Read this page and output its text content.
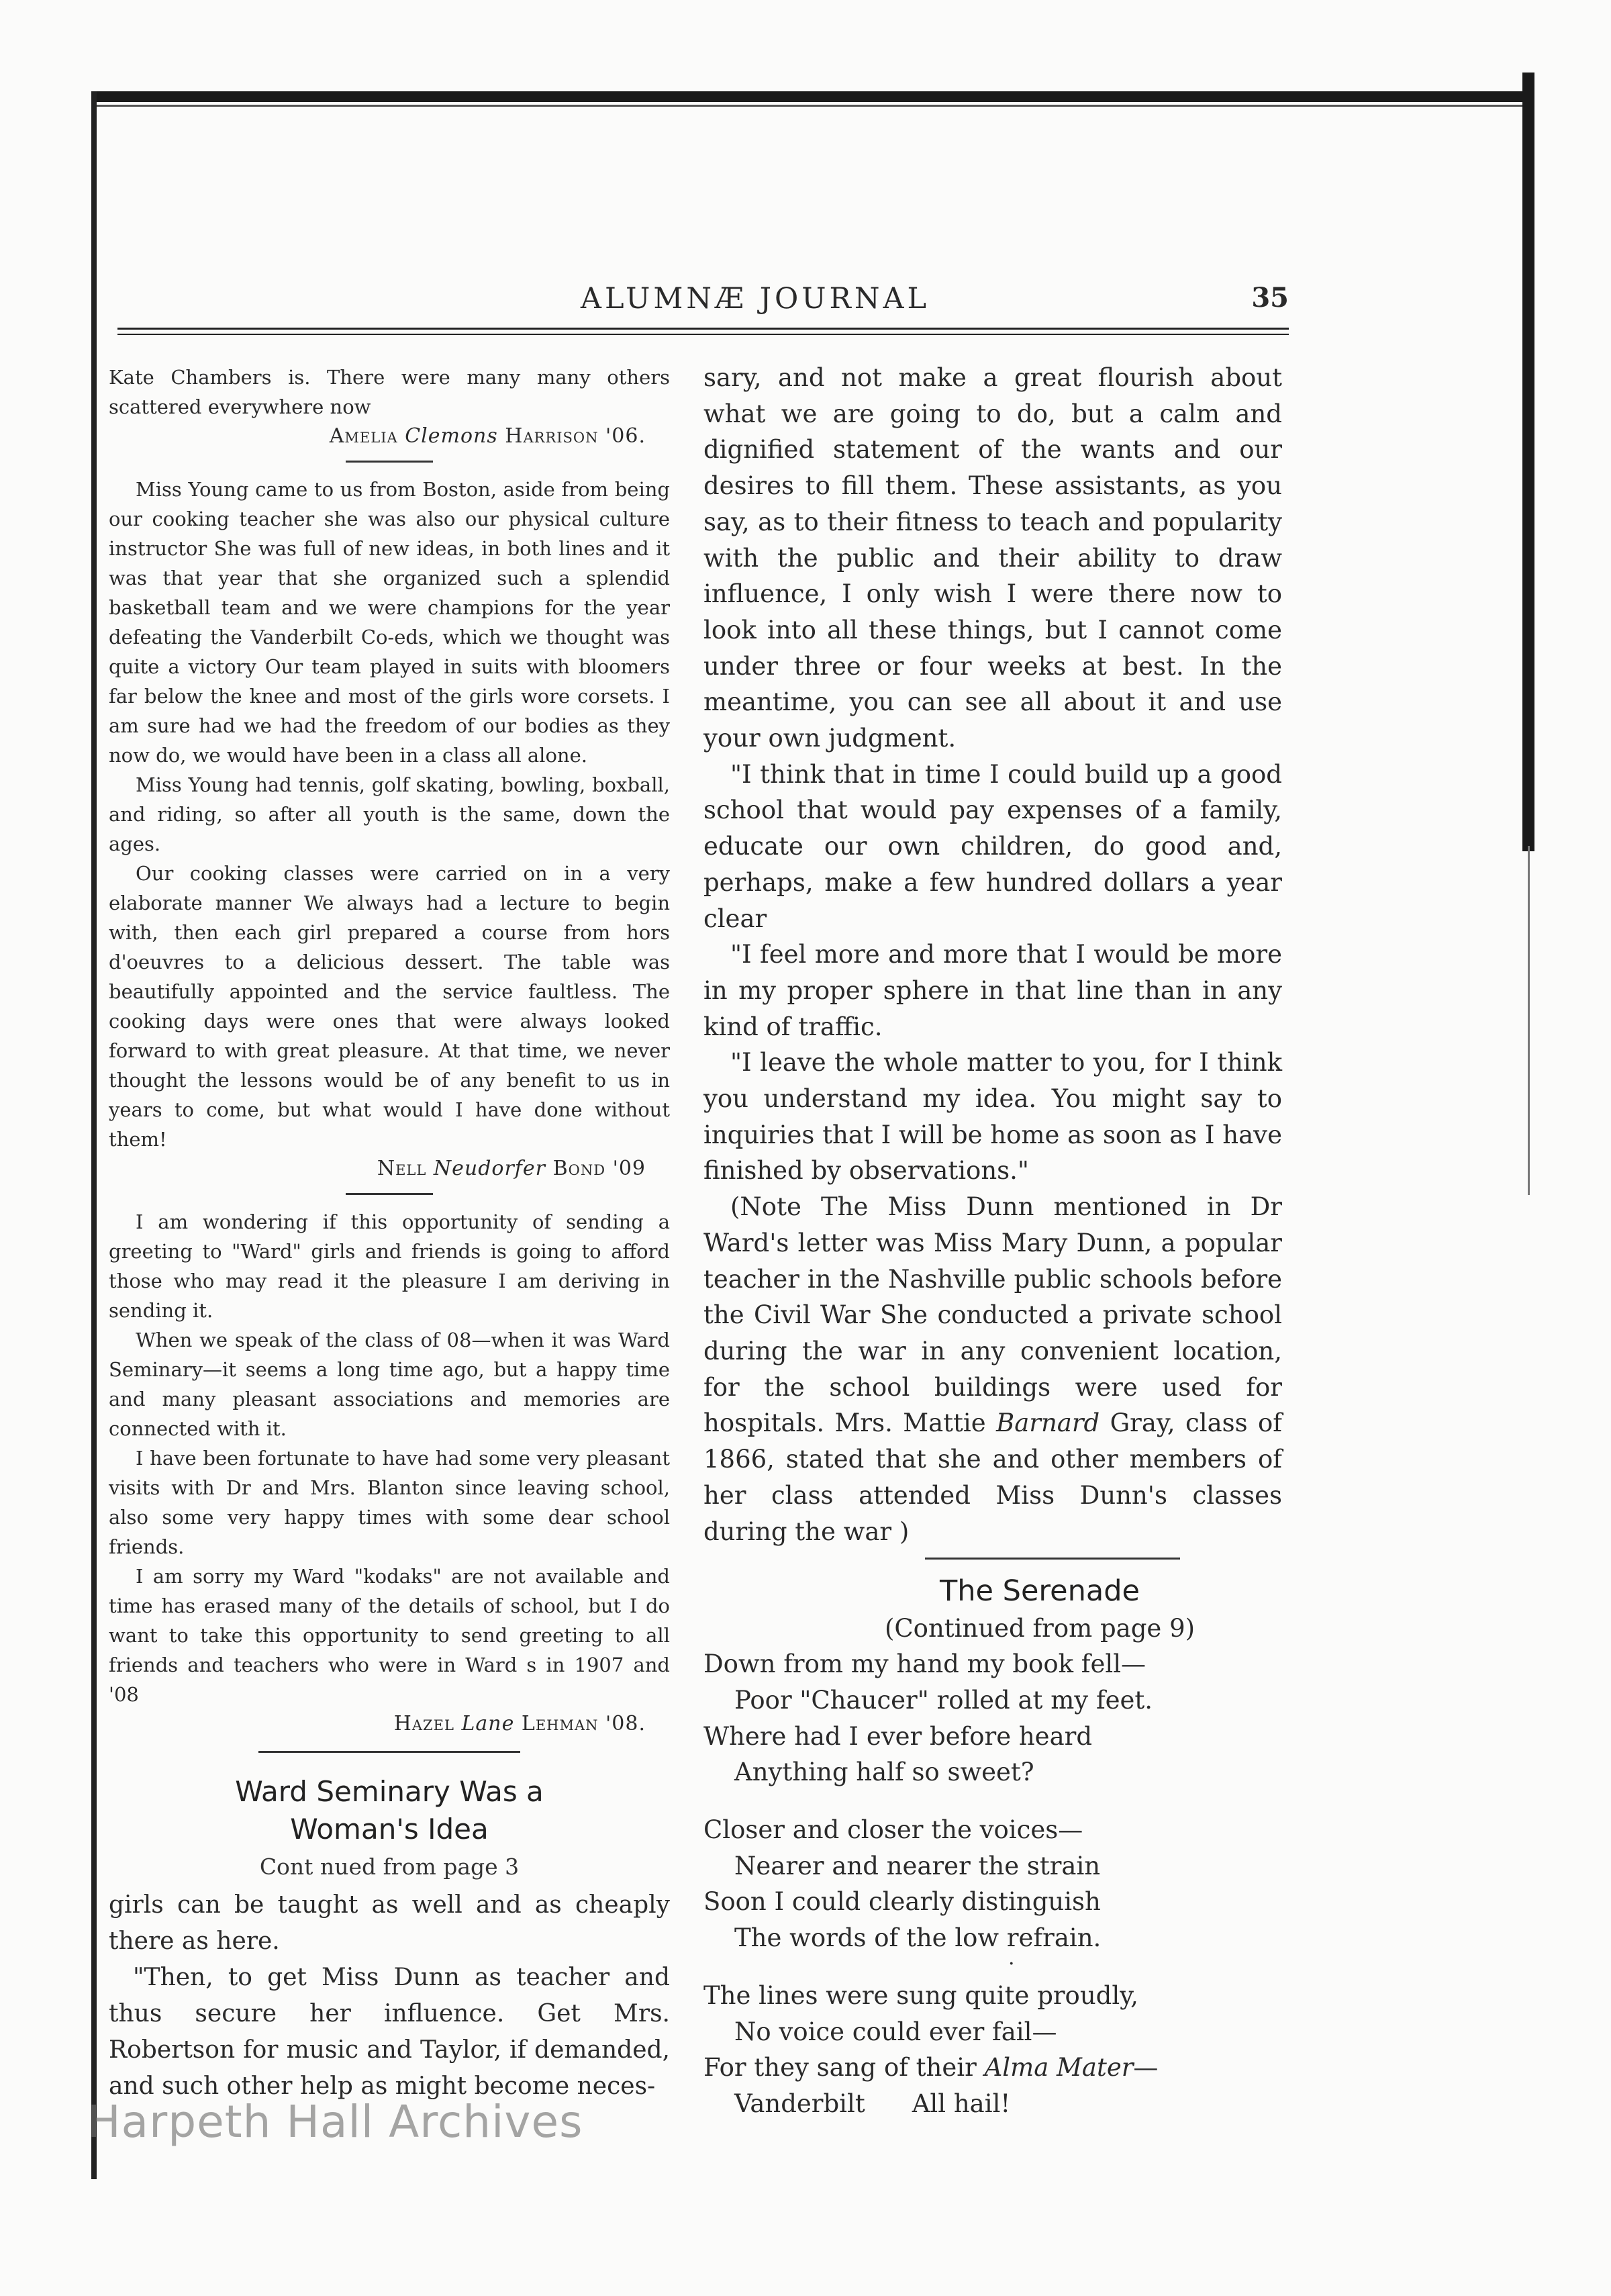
ALUMNÆ JOURNAL	35

Kate Chambers is. There were many many others scattered everywhere now

Amelia Clemons Harrison '06.

Miss Young came to us from Boston, aside from being our cooking teacher she was also our physical culture instructor She was full of new ideas, in both lines and it was that year that she organized such a splendid basketball team and we were champions for the year defeating the Vanderbilt Co-eds, which we thought was quite a victory Our team played in suits with bloomers far below the knee and most of the girls wore corsets. I am sure had we had the freedom of our bodies as they now do, we would have been in a class all alone.

Miss Young had tennis, golf skating, bowling, boxball, and riding, so after all youth is the same, down the ages.

Our cooking classes were carried on in a very elaborate manner We always had a lecture to begin with, then each girl prepared a course from hors d'oeuvres to a delicious dessert. The table was beautifully appointed and the service faultless. The cooking days were ones that were always looked forward to with great pleasure. At that time, we never thought the lessons would be of any benefit to us in years to come, but what would I have done without them!

Nell Neudorfer Bond '09

I am wondering if this opportunity of sending a greeting to "Ward" girls and friends is going to afford those who may read it the pleasure I am deriving in sending it.

When we speak of the class of 08—when it was Ward Seminary—it seems a long time ago, but a happy time and many pleasant associations and memories are connected with it.

I have been fortunate to have had some very pleasant visits with Dr and Mrs. Blanton since leaving school, also some very happy times with some dear school friends.

I am sorry my Ward "kodaks" are not available and time has erased many of the details of school, but I do want to take this opportunity to send greeting to all friends and teachers who were in Ward s in 1907 and '08

Hazel Lane Lehman '08.

Ward Seminary Was a

Woman's Idea

Cont nued from page 3

girls can be taught as well and as cheaply there as here.

"Then, to get Miss Dunn as teacher and thus secure her influence. Get Mrs. Robertson for music and Taylor, if demanded, and such other help as might become neces-

sary, and not make a great flourish about what we are going to do, but a calm and dignified statement of the wants and our desires to fill them. These assistants, as you say, as to their fitness to teach and popularity with the public and their ability to draw influence, I only wish I were there now to look into all these things, but I cannot come under three or four weeks at best. In the meantime, you can see all about it and use your own judgment.

"I think that in time I could build up a good school that would pay expenses of a family, educate our own children, do good and, perhaps, make a few hundred dollars a year clear

"I feel more and more that I would be more in my proper sphere in that line than in any kind of traffic.

"I leave the whole matter to you, for I think you understand my idea. You might say to inquiries that I will be home as soon as I have finished by observations."

(Note The Miss Dunn mentioned in Dr Ward's letter was Miss Mary Dunn, a popular teacher in the Nashville public schools before the Civil War She conducted a private school during the war in any convenient location, for the school buildings were used for hospitals. Mrs. Mattie Barnard Gray, class of 1866, stated that she and other members of her class attended Miss Dunn's classes during the war )

The Serenade

(Continued from page 9)

Down from my hand my book fell—

Poor "Chaucer" rolled at my feet.

Where had I ever before heard

Anything half so sweet?

Closer and closer the voices—

Nearer and nearer the strain

Soon I could clearly distinguish

The words of the low refrain.

·

The lines were sung quite proudly,

No voice could ever fail—

For they sang of their Alma Mater—

Vanderbilt All hail!

Harpeth Hall Archives
